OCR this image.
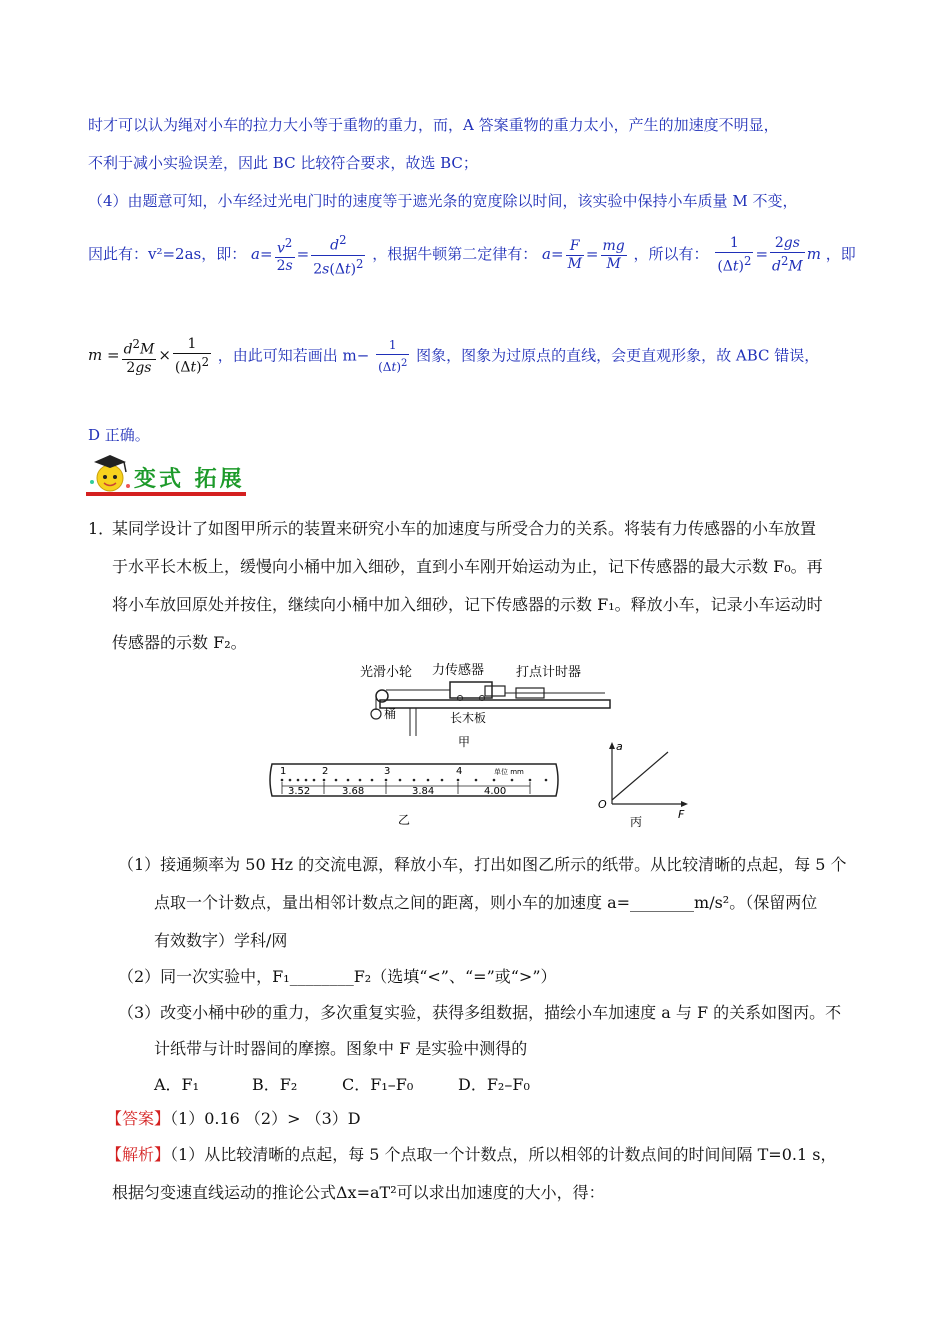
时才可以认为绳对小车的拉力大小等于重物的重力，而，A 答案重物的重力太小，产生的加速度不明显，
不利于减小实验误差，因此 BC 比较符合要求，故选 BC；
（4）由题意可知，小车经过光电门时的速度等于遮光条的宽度除以时间，该实验中保持小车质量 M 不变，
因此有：v²=2as，即： $a= \frac{v^2}{2s} = \frac{d^2}{2s(\Delta t)^2}$ ，根据牛顿第二定律有： $a= \frac{F}{M} = \frac{mg}{M}$ ，所以有： $\frac{1}{(\Delta t)^2} = \frac{2gs}{d^2M}$ m ，即
$m = \frac{d^2M}{2gs} \times \frac{1}{(\Delta t)^2}$ ，由此可知若画出 $m- \frac{1}{(\Delta t)^2}$ 图象，图象为过原点的直线，会更直观形象，故 ABC 错误，
D 正确。
变式 拓展
1．
某同学设计了如图甲所示的装置来研究小车的加速度与所受合力的关系。将装有力传感器的小车放置
于水平长木板上，缓慢向小桶中加入细砂，直到小车刚开始运动为止，记下传感器的最大示数 F₀。再
将小车放回原处并按住，继续向小桶中加入细砂，记下传感器的示数 F₁。释放小车，记录小车运动时
传感器的示数 F₂。
光滑小轮 力传感器 打点计时器
桶	长木板
甲
1	2	3	4	单位 mm
3.52	3.68	3.84	4.00
乙
a
F
O
丙
（1）接通频率为 50 Hz 的交流电源，释放小车，打出如图乙所示的纸带。从比较清晰的点起，每 5 个
点取一个计数点，量出相邻计数点之间的距离，则小车的加速度 a=________m/s²。（保留两位
有效数字）学科/网
（2）同一次实验中，F₁________F₂（选填“<”、“=”或“>”）
（3）改变小桶中砂的重力，多次重复实验，获得多组数据，描绘小车加速度 a 与 F 的关系如图丙。不
计纸带与计时器间的摩擦。图象中 F 是实验中测得的
A．F₁	B．F₂	C．F₁–F₀	D．F₂–F₀
【答案】（1）0.16 （2）> （3）D
【解析】（1）从比较清晰的点起，每 5 个点取一个计数点，所以相邻的计数点间的时间间隔 T=0.1 s，
根据匀变速直线运动的推论公式Δx=aT²可以求出加速度的大小，得：
